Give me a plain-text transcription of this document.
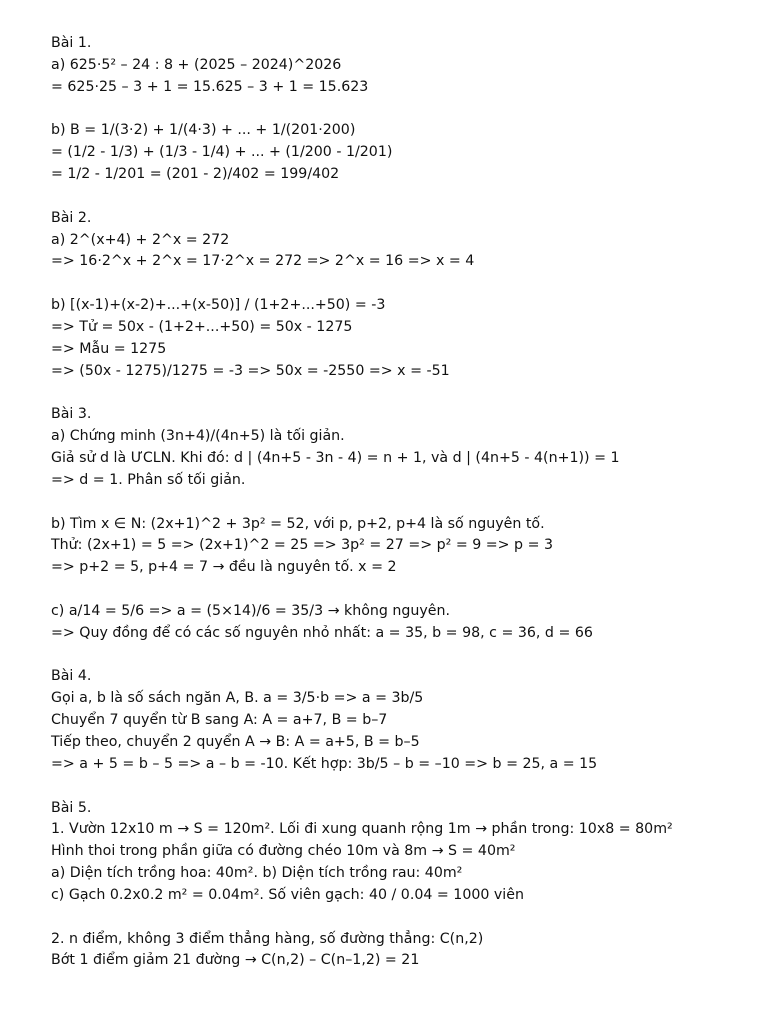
Bài 1.
a) 625·5² – 24 : 8 + (2025 – 2024)^2026
= 625·25 – 3 + 1 = 15.625 – 3 + 1 = 15.623
b) B = 1/(3·2) + 1/(4·3) + ... + 1/(201·200)
= (1/2 - 1/3) + (1/3 - 1/4) + ... + (1/200 - 1/201)
= 1/2 - 1/201 = (201 - 2)/402 = 199/402
Bài 2.
a) 2^(x+4) + 2^x = 272
=> 16·2^x + 2^x = 17·2^x = 272 => 2^x = 16 => x = 4
b) [(x-1)+(x-2)+...+(x-50)] / (1+2+...+50) = -3
=> Tử = 50x - (1+2+...+50) = 50x - 1275
=> Mẫu = 1275
=> (50x - 1275)/1275 = -3 => 50x = -2550 => x = -51
Bài 3.
a) Chứng minh (3n+4)/(4n+5) là tối giản.
Giả sử d là ƯCLN. Khi đó: d | (4n+5 - 3n - 4) = n + 1, và d | (4n+5 - 4(n+1)) = 1
=> d = 1. Phân số tối giản.
b) Tìm x ∈ N: (2x+1)^2 + 3p² = 52, với p, p+2, p+4 là số nguyên tố.
Thử: (2x+1) = 5 => (2x+1)^2 = 25 => 3p² = 27 => p² = 9 => p = 3
=> p+2 = 5, p+4 = 7 → đều là nguyên tố. x = 2
c) a/14 = 5/6 => a = (5×14)/6 = 35/3 → không nguyên.
=> Quy đồng để có các số nguyên nhỏ nhất: a = 35, b = 98, c = 36, d = 66
Bài 4.
Gọi a, b là số sách ngăn A, B. a = 3/5·b => a = 3b/5
Chuyển 7 quyển từ B sang A: A = a+7, B = b–7
Tiếp theo, chuyển 2 quyển A → B: A = a+5, B = b–5
=> a + 5 = b – 5 => a – b = -10. Kết hợp: 3b/5 – b = –10 => b = 25, a = 15
Bài 5.
1. Vườn 12x10 m → S = 120m². Lối đi xung quanh rộng 1m → phần trong: 10x8 = 80m²
Hình thoi trong phần giữa có đường chéo 10m và 8m → S = 40m²
a) Diện tích trồng hoa: 40m². b) Diện tích trồng rau: 40m²
c) Gạch 0.2x0.2 m² = 0.04m². Số viên gạch: 40 / 0.04 = 1000 viên
2. n điểm, không 3 điểm thẳng hàng, số đường thẳng: C(n,2)
Bớt 1 điểm giảm 21 đường → C(n,2) – C(n–1,2) = 21
